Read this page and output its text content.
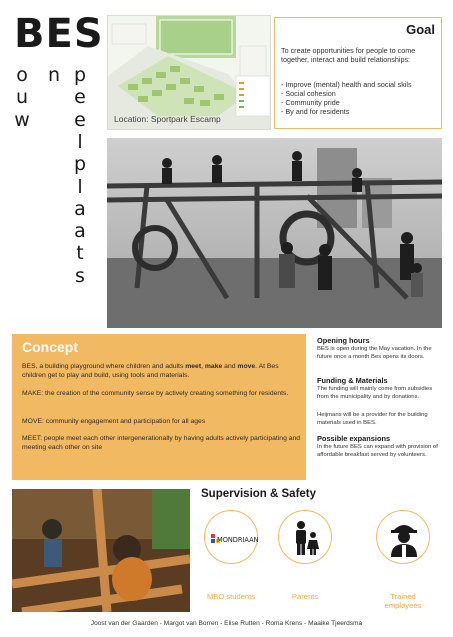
BES
o
u
w
n p
e
e
l
p
l
a
a
t
s
Location: Sportpark Escamp
Goal
To create opportunities for people to come together, interact and build relationships:
- Improve (mental) health and social skils
- Social cohesion
- Community pride
- By and for residents
Concept
BES, a building playground where children and adults meet, make and move. At Bes children get to play and build, using tools and materials.
MAKE: the creation of the community sense by actively creating something for residents.
MOVE: community engagement and participation for all ages
MEET: people meet each other intergenerationally by having adults actively participating and meeting each other on site
Opening hours
BES is open during the May vacation. In the future once a month Bes opens its doors.
Funding & Materials
The funding will mainly come from subsidies from the municipality and by donations.
Heijmans will be a provider for the building materials used in BES.
Possible expansions
In the future BES can expand with provision of affordable breakfast served by volunteers.
Supervision & Safety
MONDRIAAN
MBO students	Parents	Trained employees
Joost van der Gaarden - Margot van Borren - Elise Rutten - Roma Krens - Maaike Tjeerdsma
